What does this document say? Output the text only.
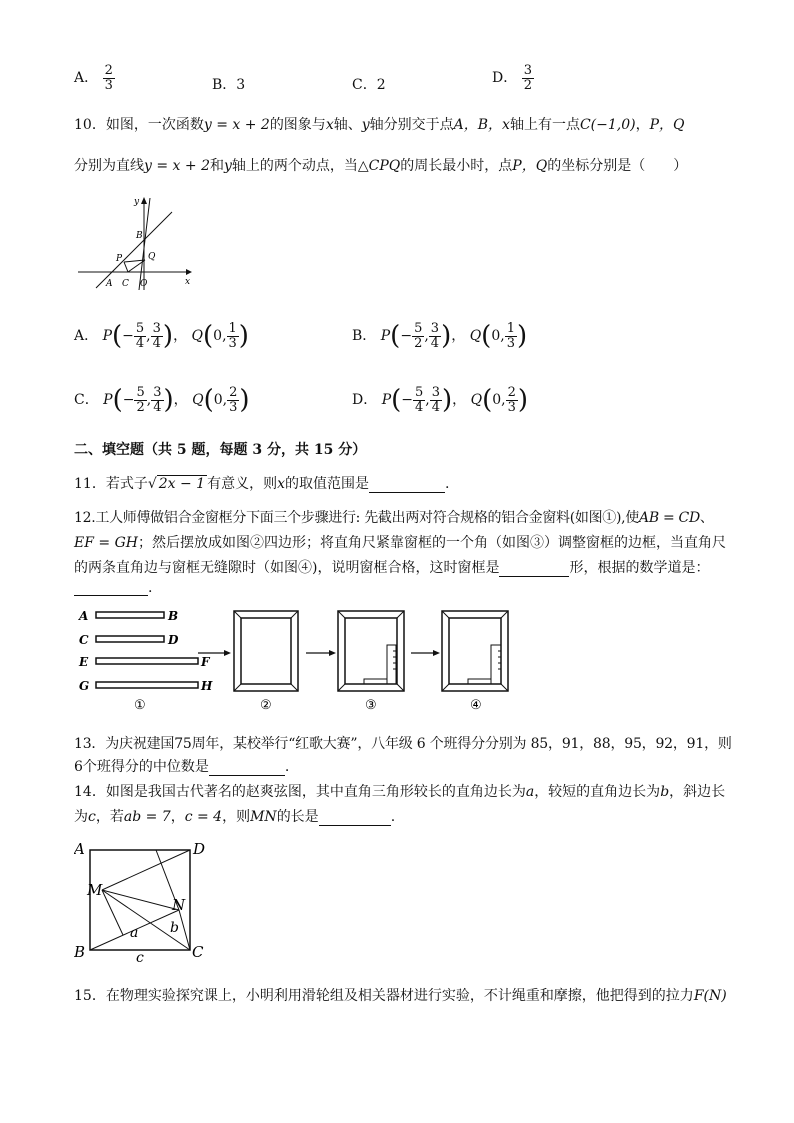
A． $\frac{2}{3}$	B．3	C．2	D． $\frac{3}{2}$
10．如图，一次函数y = x + 2的图象与x轴、y轴分别交于点A，B，x轴上有一点C(−1,0)，P，Q
分别为直线y = x + 2和y轴上的两个动点，当△CPQ的周长最小时，点P，Q的坐标分别是（　　）
y
x
B
P	Q
A C O
A． $P(- \frac{5}{4}$ , $\frac{3}{4}$ )， Q(0, $\frac{1}{3}$ )	B． $P(- \frac{5}{2}$ , $\frac{3}{4}$ )， Q(0, $\frac{1}{3}$ )
C． $P(- \frac{5}{2}$ , $\frac{3}{4}$ )， Q(0, $\frac{2}{3}$ )	D． $P(- \frac{5}{4}$ , $\frac{3}{4}$ )， Q(0, $\frac{2}{3}$ )
二、填空题（共 5 题，每题 3 分，共 15 分）
11．若式子√ 2x − 1 有意义，则x的取值范围是	.
12.工人师傅做铝合金窗框分下面三个步骤进行: 先截出两对符合规格的铝合金窗料(如图①),使AB = CD、
EF = GH；然后摆放成如图②四边形；将直角尺紧靠窗框的一个角（如图③）调整窗框的边框，当直角尺
的两条直角边与窗框无缝隙时（如图④)，说明窗框合格，这时窗框是	形，根据的数学道是：
.
A	B
C	D
E	F
G	H
①	②	③	④
13．为庆祝建国75周年，某校举行“红歌大赛”，八年级 6 个班得分分别为 85，91，88，95，92，91，则
6个班得分的中位数是	.
14．如图是我国古代著名的赵爽弦图，其中直角三角形较长的直角边长为a，较短的直角边长为b，斜边长
为c，若ab = 7，c = 4，则MN的长是	.
A	D
M
N
B	C
a b
c
15．在物理实验探究课上，小明利用滑轮组及相关器材进行实验，不计绳重和摩擦，他把得到的拉力F(N)
